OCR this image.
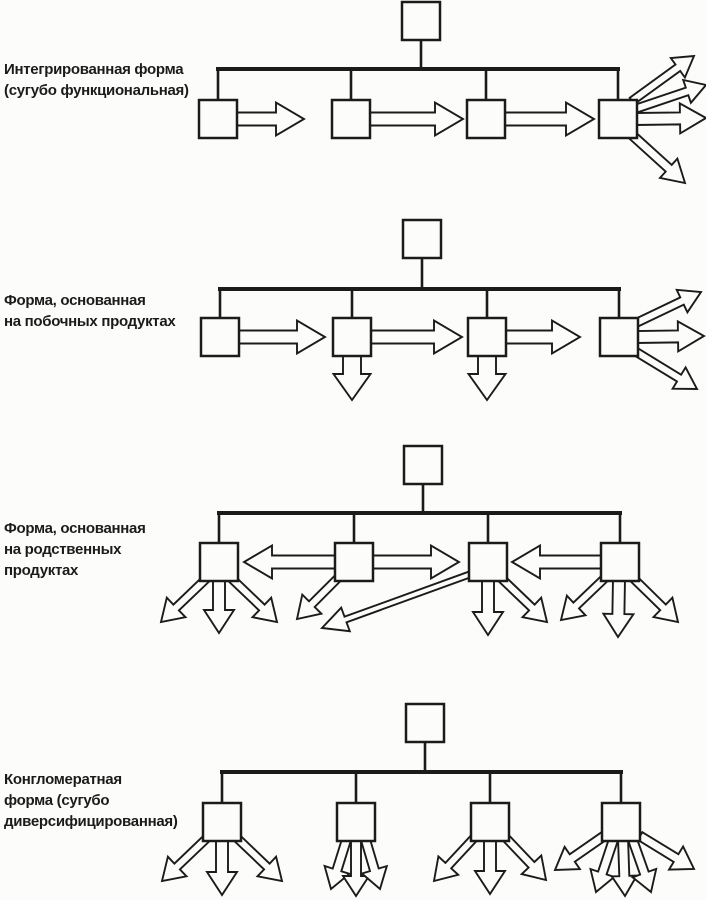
Интегрированная форма
(сугубо функциональная)
Форма, основанная
на побочных продуктах
Форма, основанная
на родственных
продуктах
Конгломератная
форма (сугубо
диверсифицированная)
